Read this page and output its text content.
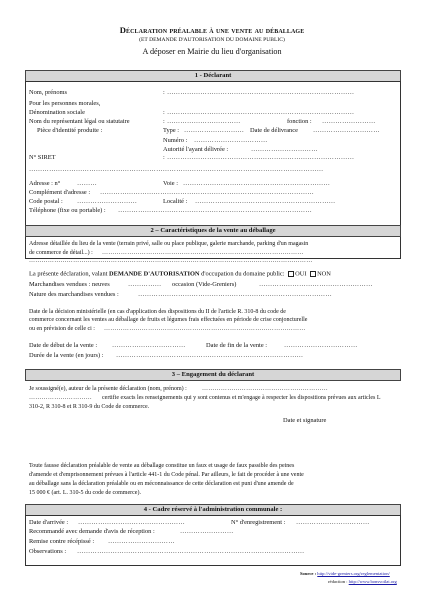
Déclaration préalable à une vente au déballage
(ET DEMANDE D'AUTORISATION DU DOMAINE PUBLIC)
A déposer en Mairie du lieu d'organisation
1 - Déclarant
Nom, prénoms	: …………………………………………………………………………
Pour les personnes morales,
Dénomination sociale	: …………………………………………………………………………
Nom du représentant légal ou statutaire	: ……………………………	fonction : ……………………
Pièce d'identité produite :	Type : ……………………… Date de délivrance …………………………
Numéro : ……………………………
Autorité l'ayant délivrée :	…………………………
N° SIRET	: …………………………………………………………………………
……………………………………………………………………………………………………………………
Adresse : n°	………	Voie : …………………………………………………………
Complément d'adresse : ……………………………………………………………………………………
Code postal : ………………………	Localité : ………………………………………………………
Téléphone (fixe ou portable) : ……………………………………………………………………………
2 – Caractéristiques de la vente au déballage
Adresse détaillée du lieu de la vente (terrain privé, salle ou place publique, galerie marchande, parking d'un magasin
de commerce de détail...) : ……………………………………………………………………………………
………………………………………………………………………………………………………………………
La présente déclaration, valant DEMANDE D'AUTORISATION d'occupation du domaine public: OUI NON
Marchandises vendues : neuves	…………… occasion (Vide-Greniers)	……………………………………………
Nature des marchandises vendues :	……………………………………………………………………………
Date de la décision ministérielle (en cas d'application des dispositions du II de l'article R. 310-8 du code de
commerce concernant les ventes au déballage de fruits et légumes frais effectuées en période de crise conjoncturelle
ou en prévision de celle ci : ……………………………………………………………………………………
Date de début de la vente : ……………………………	Date de fin de la vente :	……………………………
Durée de la vente (en jours) : …………………………………………………………………………
3 – Engagement du déclarant
Je soussigné(e), auteur de la présente déclaration (nom, prénom) :	……………………………………………………
………………………… certifie exacts les renseignements qui y sont contenus et m'engage à respecter les dispositions prévues aux articles L
310-2, R 310-8 et R 310-9 du Code de commerce.
Date et signature
Toute fausse déclaration préalable de vente au déballage constitue un faux et usage de faux passible des peines
d'amende et d'emprisonnement prévues à l'article 441-1 du Code pénal. Par ailleurs, le fait de procéder à une vente
au déballage sans la déclaration préalable ou en méconnaissance de cette déclaration est puni d'une amende de
15 000 € (art. L. 310-5 du code de commerce).
4 - Cadre réservé à l'administration communale :
Date d'arrivée : …………………………………………	N° d'enregistrement : ……………………………
Recommandé avec demande d'avis de réception :	……………………
Remise contre récépissé : …………………………
Observations : …………………………………………………………………………………………
Source : http://vide-greniers.org/reglementation/
rédaction : http://www.bonsvoilat.org
